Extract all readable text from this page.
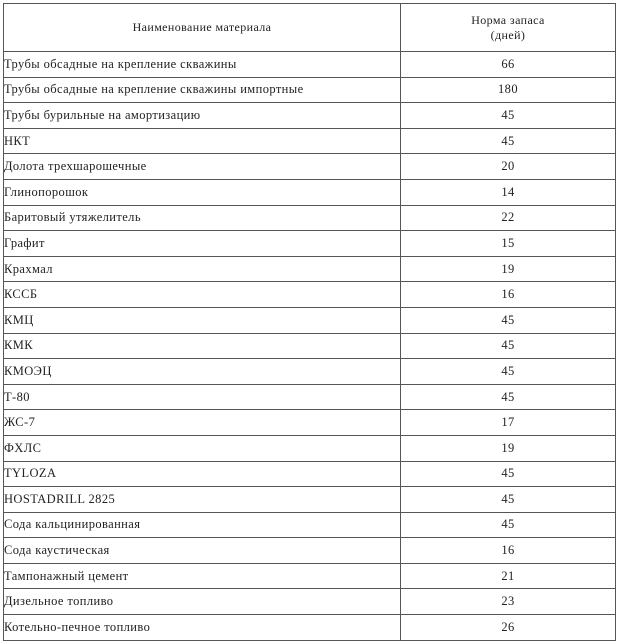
Наименование материала	Норма запаса
(дней)

Трубы обсадные на крепление скважины	66
Трубы обсадные на крепление скважины импортные	180
Трубы бурильные на амортизацию	45
НКТ	45
Долота трехшарошечные	20
Глинопорошок	14
Баритовый утяжелитель	22
Графит	15
Крахмал	19
КССБ	16
КМЦ	45
КМК	45
КМОЭЦ	45
Т-80	45
ЖС-7	17
ФХЛС	19
TYLOZA	45
HOSTADRILL 2825	45
Сода кальцинированная	45
Сода каустическая	16
Тампонажный цемент	21
Дизельное топливо	23
Котельно-печное топливо	26
